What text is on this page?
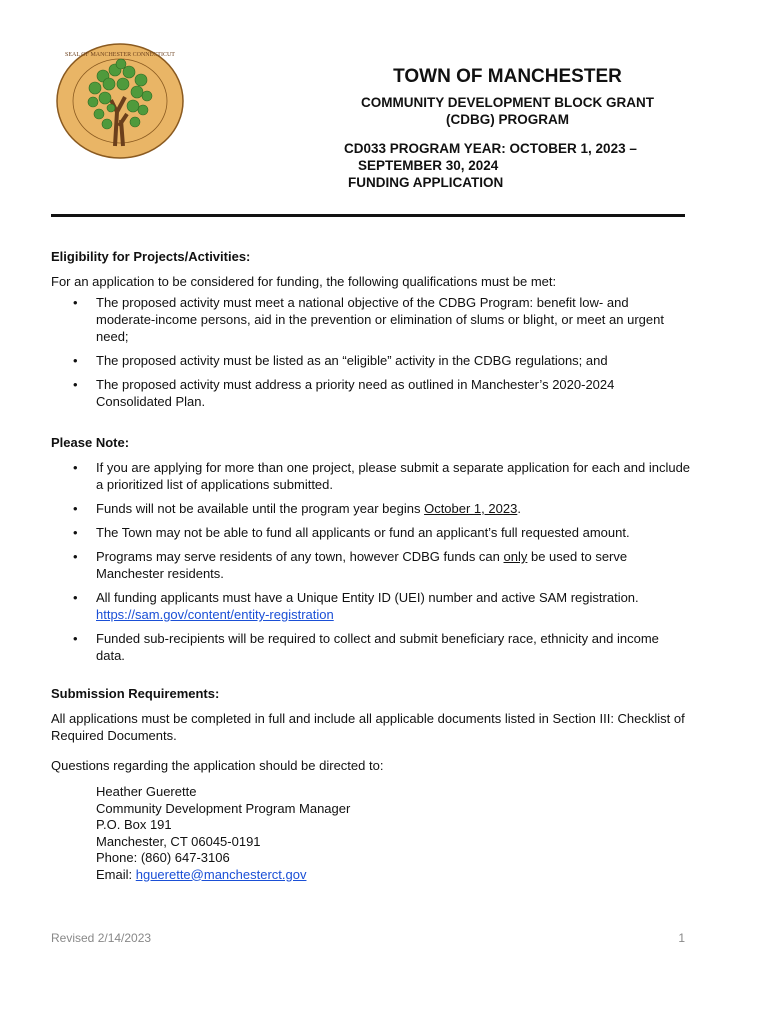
SEAL OF MANCHESTER CONNECTICUT
TOWN OF MANCHESTER

COMMUNITY DEVELOPMENT BLOCK GRANT

(CDBG) PROGRAM

CD033 PROGRAM YEAR: OCTOBER 1, 2023 –
SEPTEMBER 30, 2024
FUNDING APPLICATION
Eligibility for Projects/Activities:

For an application to be considered for funding, the following qualifications must be met:

• The proposed activity must meet a national objective of the CDBG Program: benefit low- and moderate-income persons, aid in the prevention or elimination of slums or blight, or meet an urgent need;
• The proposed activity must be listed as an “eligible” activity in the CDBG regulations; and
• The proposed activity must address a priority need as outlined in Manchester’s 2020-2024 Consolidated Plan.
Please Note:
• If you are applying for more than one project, please submit a separate application for each and include a prioritized list of applications submitted.
• Funds will not be available until the program year begins October 1, 2023.
• The Town may not be able to fund all applicants or fund an applicant’s full requested amount.
• Programs may serve residents of any town, however CDBG funds can only be used to serve Manchester residents.
• All funding applicants must have a Unique Entity ID (UEI) number and active SAM registration.
https://sam.gov/content/entity-registration
• Funded sub-recipients will be required to collect and submit beneficiary race, ethnicity and income data.
Submission Requirements:

All applications must be completed in full and include all applicable documents listed in Section III: Checklist of Required Documents.

Questions regarding the application should be directed to:

Heather Guerette
Community Development Program Manager
P.O. Box 191
Manchester, CT 06045-0191
Phone: (860) 647-3106
Email: hguerette@manchesterct.gov
Revised 2/14/2023	1
